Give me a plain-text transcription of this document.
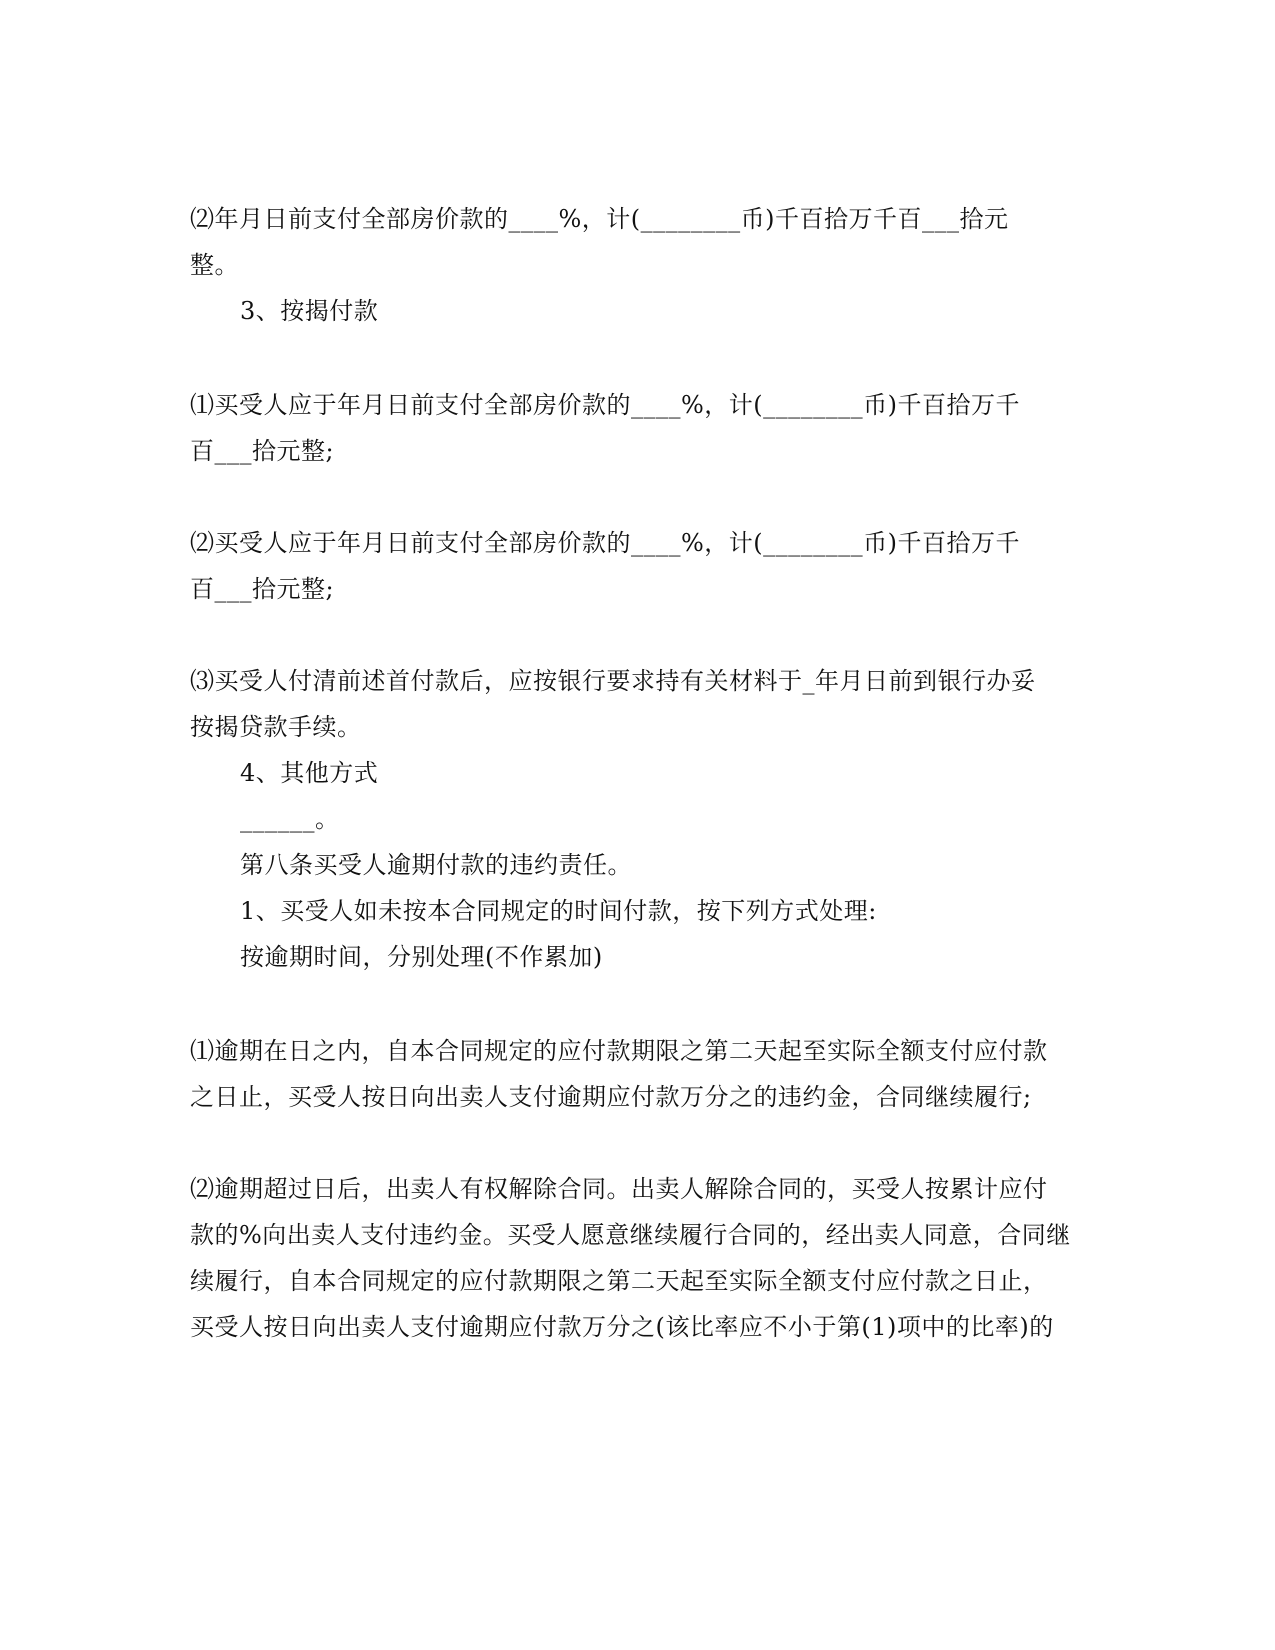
⑵年月日前支付全部房价款的____%，计(________币)千百拾万千百___拾元
整。
3、按揭付款
⑴买受人应于年月日前支付全部房价款的____%，计(________币)千百拾万千
百___拾元整;
⑵买受人应于年月日前支付全部房价款的____%，计(________币)千百拾万千
百___拾元整;
⑶买受人付清前述首付款后，应按银行要求持有关材料于_年月日前到银行办妥
按揭贷款手续。
4、其他方式
______。
第八条买受人逾期付款的违约责任。
1、买受人如未按本合同规定的时间付款，按下列方式处理:
按逾期时间，分别处理(不作累加)
⑴逾期在日之内，自本合同规定的应付款期限之第二天起至实际全额支付应付款
之日止，买受人按日向出卖人支付逾期应付款万分之的违约金，合同继续履行;
⑵逾期超过日后，出卖人有权解除合同。出卖人解除合同的，买受人按累计应付
款的%向出卖人支付违约金。买受人愿意继续履行合同的，经出卖人同意，合同继
续履行，自本合同规定的应付款期限之第二天起至实际全额支付应付款之日止，
买受人按日向出卖人支付逾期应付款万分之(该比率应不小于第(1)项中的比率)的
